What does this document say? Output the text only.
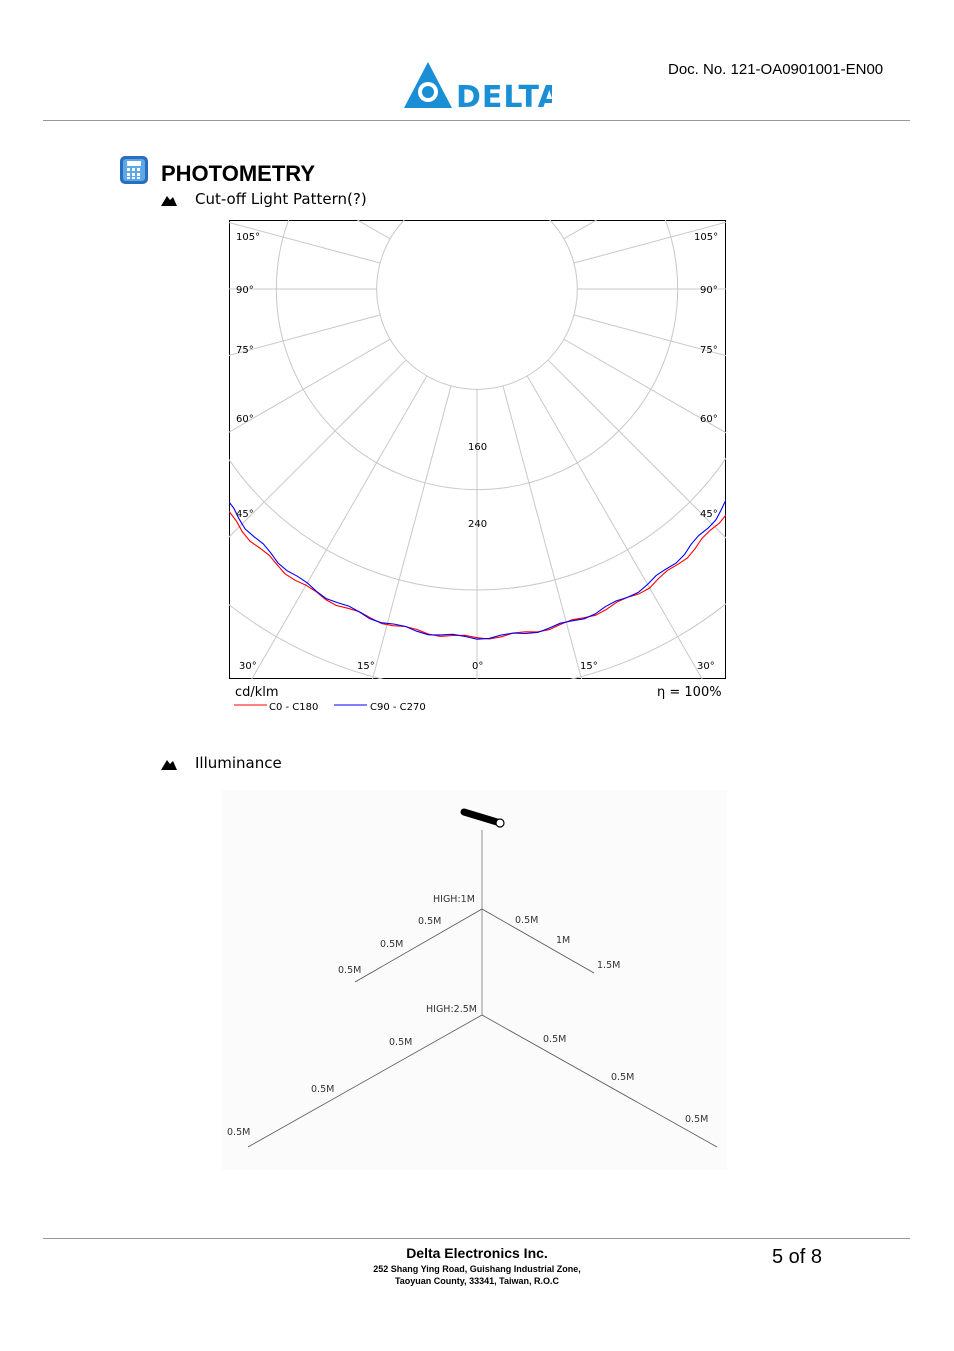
DELTA
Doc. No. 121-OA0901001-EN00
PHOTOMETRY
Cut-off Light Pattern(?)
105°
90°
75°
60°
45°
30°	15°	0°	15°	30°
105°
90°
75°
60°
45°
160
240
cd/klm	η = 100%
C0 - C180	C90 - C270
Illuminance
HIGH:1M
0.5M
0.5M
0.5M
0.5M
1M
1.5M
HIGH:2.5M
0.5M
0.5M
0.5M
0.5M
0.5M
0.5M
Delta Electronics Inc.
252 Shang Ying Road, Guishang Industrial Zone,
Taoyuan County, 33341, Taiwan, R.O.C
5 of 8
